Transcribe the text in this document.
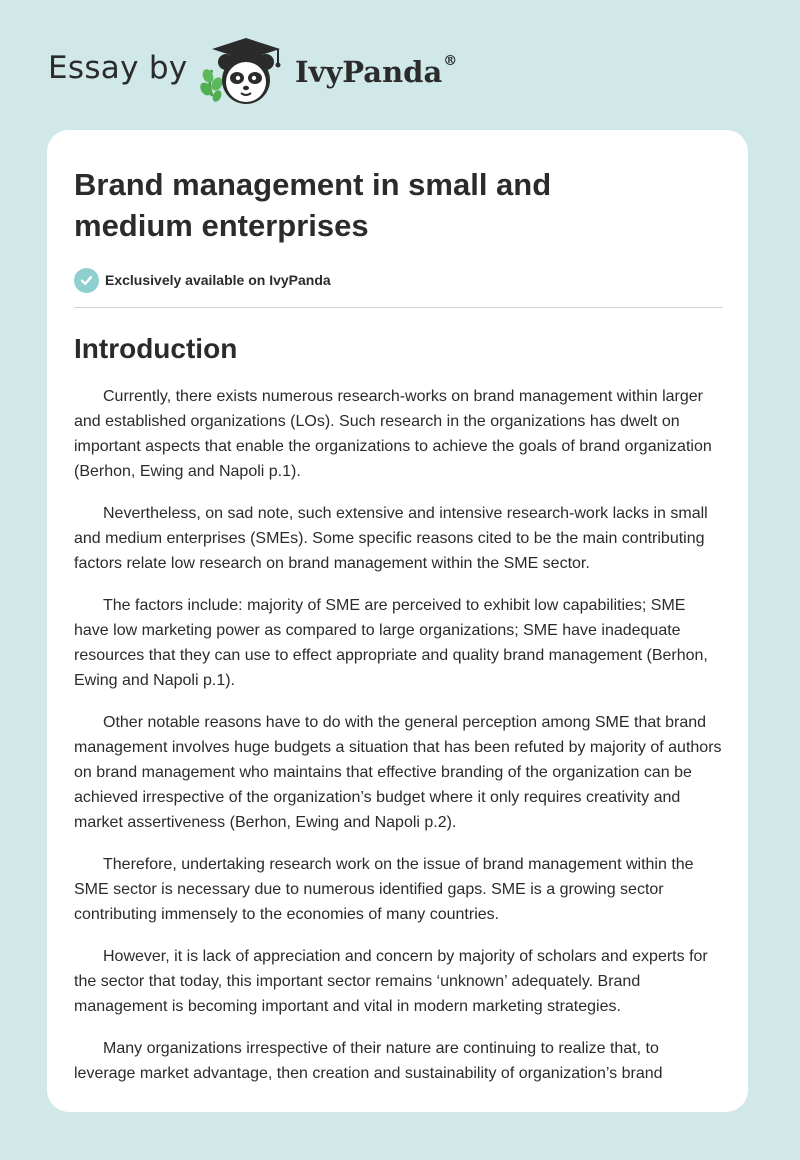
Essay by	IvyPanda®
Brand management in small and medium enterprises
Exclusively available on IvyPanda
Introduction

Currently, there exists numerous research-works on brand management within larger and established organizations (LOs). Such research in the organizations has dwelt on important aspects that enable the organizations to achieve the goals of brand organization (Berhon, Ewing and Napoli p.1).

Nevertheless, on sad note, such extensive and intensive research-work lacks in small and medium enterprises (SMEs). Some specific reasons cited to be the main contributing factors relate low research on brand management within the SME sector.

The factors include: majority of SME are perceived to exhibit low capabilities; SME have low marketing power as compared to large organizations; SME have inadequate resources that they can use to effect appropriate and quality brand management (Berhon, Ewing and Napoli p.1).

Other notable reasons have to do with the general perception among SME that brand management involves huge budgets a situation that has been refuted by majority of authors on brand management who maintains that effective branding of the organization can be achieved irrespective of the organization’s budget where it only requires creativity and market assertiveness (Berhon, Ewing and Napoli p.2).

Therefore, undertaking research work on the issue of brand management within the SME sector is necessary due to numerous identified gaps. SME is a growing sector contributing immensely to the economies of many countries.

However, it is lack of appreciation and concern by majority of scholars and experts for the sector that today, this important sector remains ‘unknown’ adequately. Brand management is becoming important and vital in modern marketing strategies.

Many organizations irrespective of their nature are continuing to realize that, to leverage market advantage, then creation and sustainability of organization’s brand
